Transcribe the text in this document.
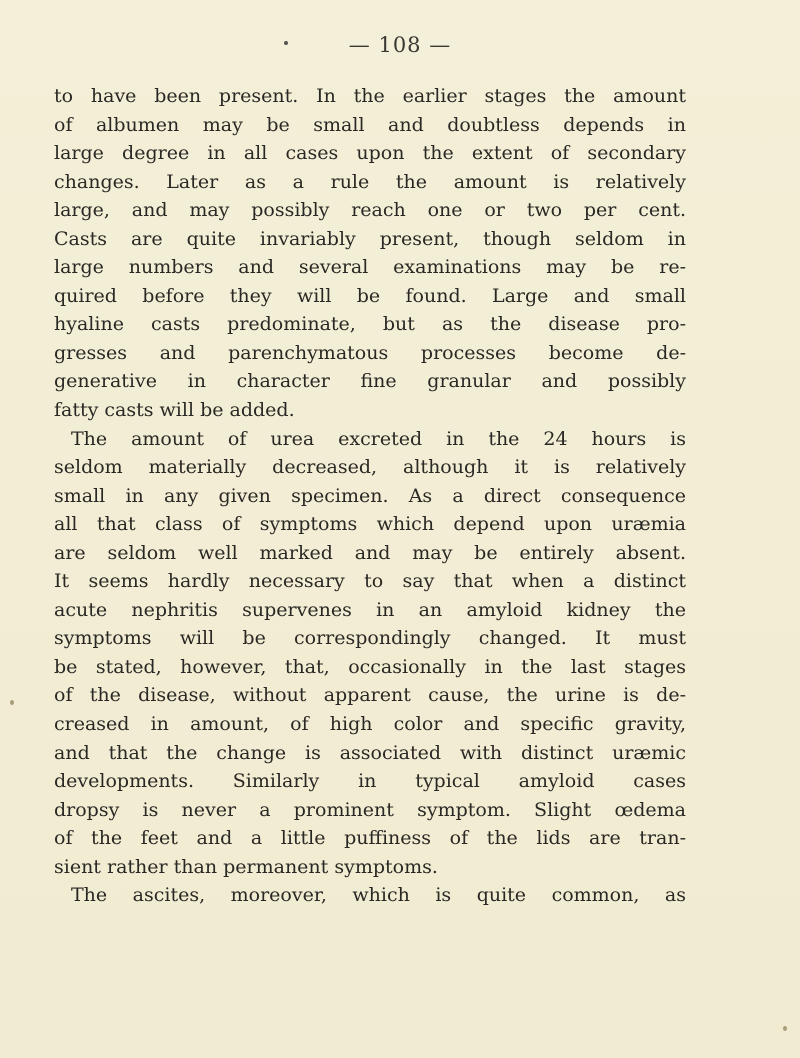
— 108 —
to have been present. In the earlier stages the amount
of albumen may be small and doubtless depends in
large degree in all cases upon the extent of secondary
changes. Later as a rule the amount is relatively
large, and may possibly reach one or two per cent.
Casts are quite invariably present, though seldom in
large numbers and several examinations may be re-
quired before they will be found. Large and small
hyaline casts predominate, but as the disease pro-
gresses and parenchymatous processes become de-
generative in character fine granular and possibly
fatty casts will be added.
The amount of urea excreted in the 24 hours is
seldom materially decreased, although it is relatively
small in any given specimen. As a direct consequence
all that class of symptoms which depend upon uræmia
are seldom well marked and may be entirely absent.
It seems hardly necessary to say that when a distinct
acute nephritis supervenes in an amyloid kidney the
symptoms will be correspondingly changed. It must
be stated, however, that, occasionally in the last stages
of the disease, without apparent cause, the urine is de-
creased in amount, of high color and specific gravity,
and that the change is associated with distinct uræmic
developments. Similarly in typical amyloid cases
dropsy is never a prominent symptom. Slight œdema
of the feet and a little puffiness of the lids are tran-
sient rather than permanent symptoms.
The ascites, moreover, which is quite common, as
